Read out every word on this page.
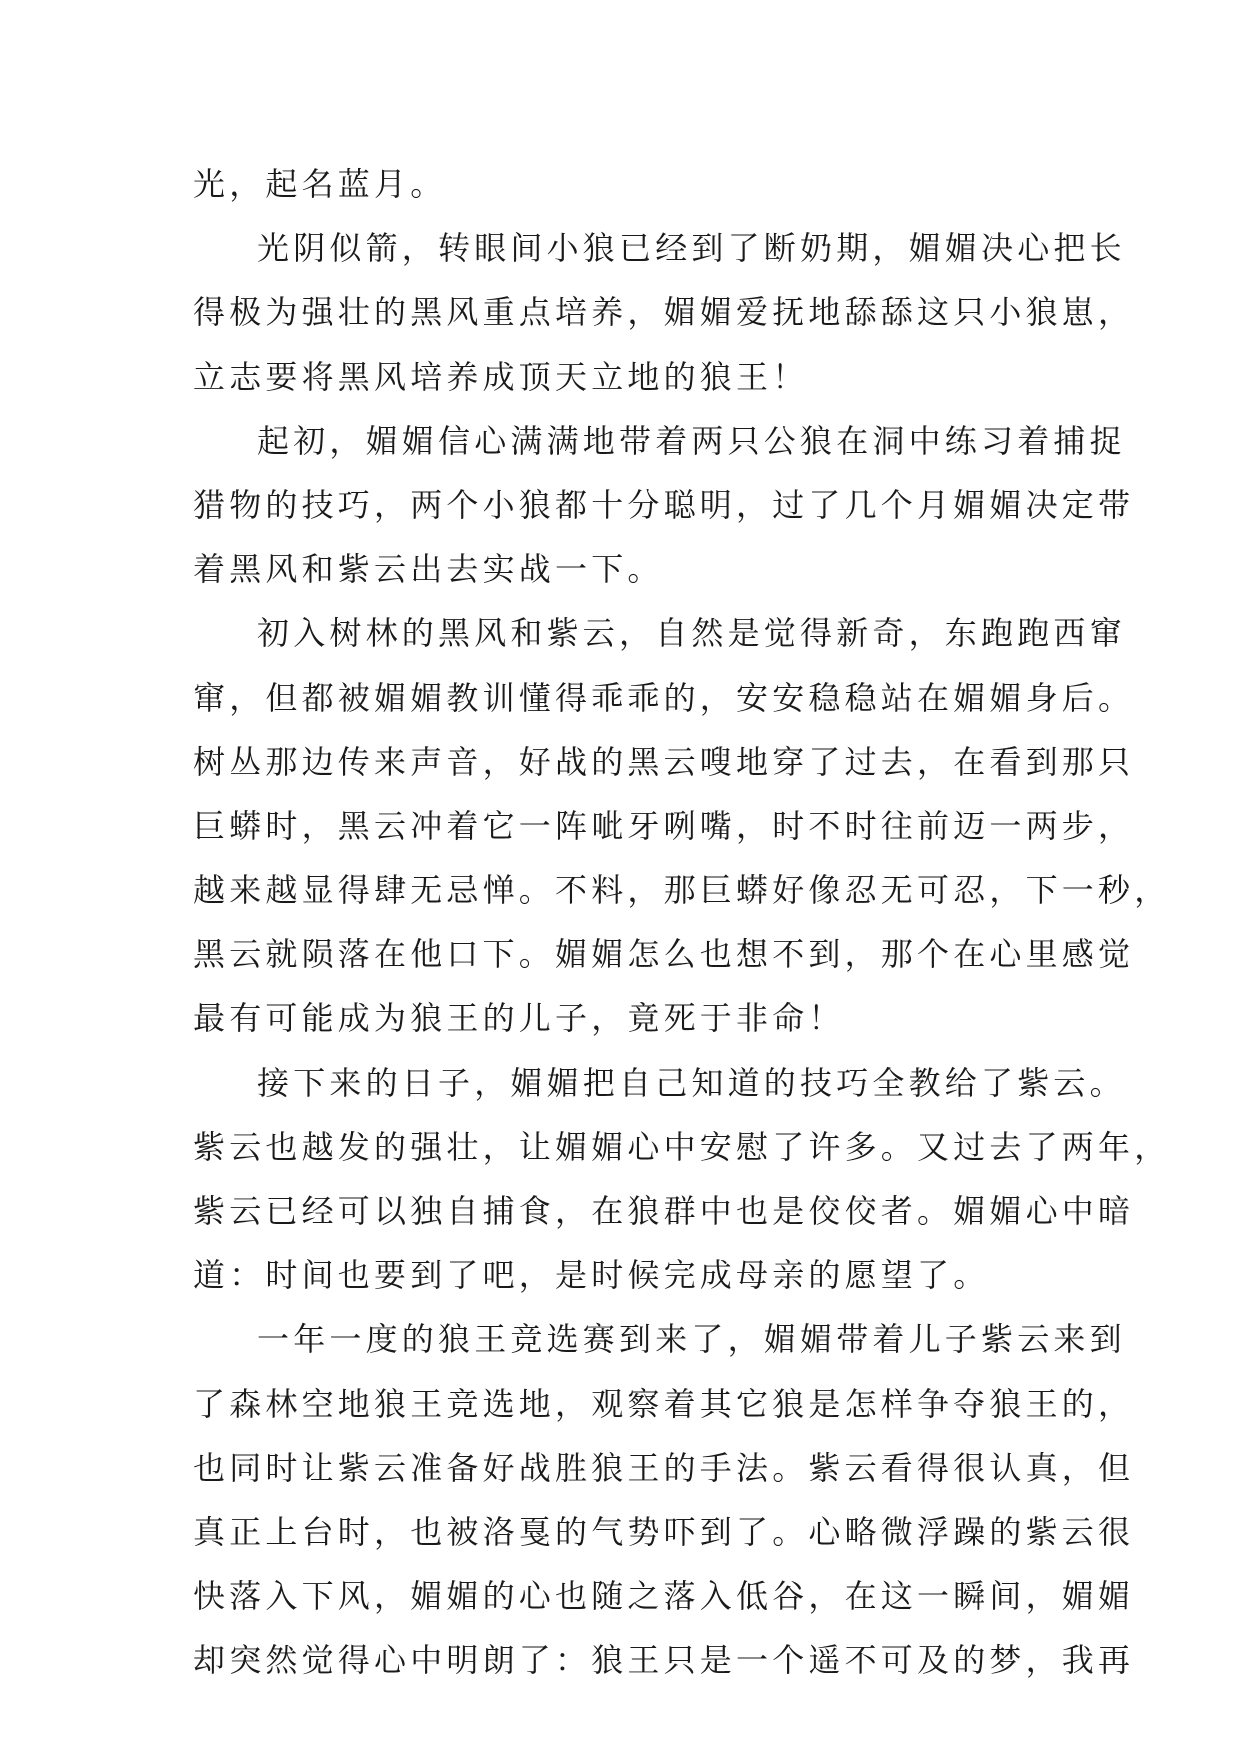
光，起名蓝月。
光阴似箭，转眼间小狼已经到了断奶期，媚媚决心把长
得极为强壮的黑风重点培养，媚媚爱抚地舔舔这只小狼崽，
立志要将黑风培养成顶天立地的狼王！
起初，媚媚信心满满地带着两只公狼在洞中练习着捕捉
猎物的技巧，两个小狼都十分聪明，过了几个月媚媚决定带
着黑风和紫云出去实战一下。
初入树林的黑风和紫云，自然是觉得新奇，东跑跑西窜
窜，但都被媚媚教训懂得乖乖的，安安稳稳站在媚媚身后。
树丛那边传来声音，好战的黑云嗖地穿了过去，在看到那只
巨蟒时，黑云冲着它一阵呲牙咧嘴，时不时往前迈一两步，
越来越显得肆无忌惮。不料，那巨蟒好像忍无可忍，下一秒，
黑云就陨落在他口下。媚媚怎么也想不到，那个在心里感觉
最有可能成为狼王的儿子，竟死于非命！
接下来的日子，媚媚把自己知道的技巧全教给了紫云。
紫云也越发的强壮，让媚媚心中安慰了许多。又过去了两年，
紫云已经可以独自捕食，在狼群中也是佼佼者。媚媚心中暗
道：时间也要到了吧，是时候完成母亲的愿望了。
一年一度的狼王竞选赛到来了，媚媚带着儿子紫云来到
了森林空地狼王竞选地，观察着其它狼是怎样争夺狼王的，
也同时让紫云准备好战胜狼王的手法。紫云看得很认真，但
真正上台时，也被洛戛的气势吓到了。心略微浮躁的紫云很
快落入下风，媚媚的心也随之落入低谷，在这一瞬间，媚媚
却突然觉得心中明朗了：狼王只是一个遥不可及的梦，我再
